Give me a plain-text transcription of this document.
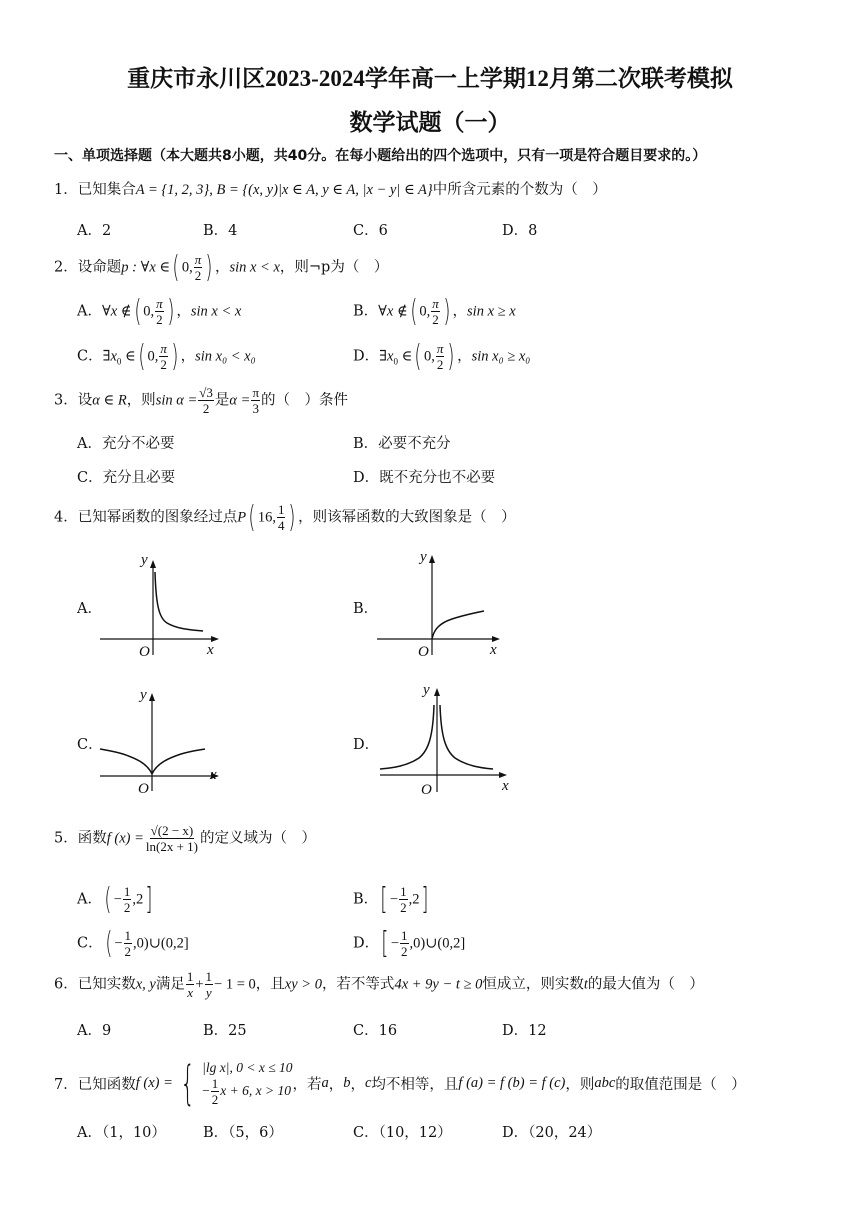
重庆市永川区2023-2024学年高一上学期12月第二次联考模拟
数学试题（一）
一、单项选择题（本大题共8小题，共40分。在每小题给出的四个选项中，只有一项是符合题目要求的。）
1．已知集合A = {1, 2, 3}, B = {(x, y)|x ∈ A, y ∈ A, |x − y| ∈ A}中所含元素的个数为（　）
A．2	B．4	C．6	D．8
2．设命题p : ∀x ∈( 0, $\frac{\pi}{2}$ ) ，sin x < x，则¬p为（　）
A．∀x ∉( 0, $\frac{\pi}{2}$ ) ，sin x < x	B．∀x ∉( 0, $\frac{\pi}{2}$ ) ，sin x ≥ x
C．$\exists x_0$ ∈( 0, $\frac{\pi}{2}$ ) ，sin x₀ < x₀	D．$\exists x_0$ ∈( 0, $\frac{\pi}{2}$ ) ，sin x₀ ≥ x₀
3．设α ∈ R，则$\sin \alpha = \frac{√3}{2}$ 是$\alpha = \frac{\pi}{3}$ 的（　）条件
A．充分不必要	B．必要不充分
C．充分且必要	D．既不充分也不必要
4．已知幂函数的图象经过点P( 16, $\frac{1}{4}$ ) ，则该幂函数的大致图象是（　）
A．	B．
C．	D．
x
y
O	x
y
O
x
y
O	x
y
O
5．函数f $(x) = \frac{√(2 - x)}{\ln(2x + 1)}$ 的定义域为（　）
A．( − $\frac{1}{2} ,2$]	B．[ − $\frac{1}{2} ,2$]
C．( − $\frac{1}{2}$ ,0)∪(0,2]	D．[ − $\frac{1}{2}$ ,0)∪(0,2]
6．已知实数x, y满足 $\frac{1}{x} + \frac{1}{y} - 1 = 0$，且xy > 0，若不等式4x + 9y − t ≥ 0恒成立，则实数t的最大值为（　）
A．9	B．25	C．16	D．12
7． 已知函数 f (x) = { |lg x|, 0 < x ≤ 10
− $\frac{1}{2}$ x + 6, x > 10 ，若 a ， b ， c 均不相等，且 f (a) = f (b) = f (c) ，则 abc 的取值范围是（　）
A．（1，10）	B．（5，6）	C．（10，12）	D．（20，24）
